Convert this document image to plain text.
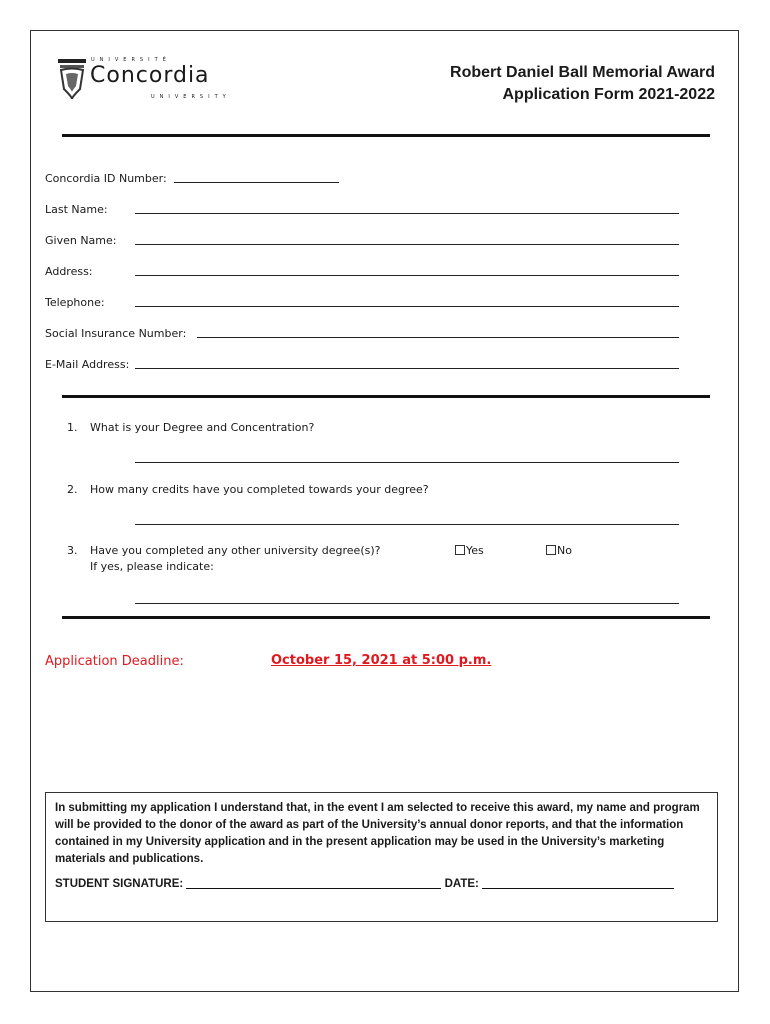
UNIVERSITÉ
Concordia
UNIVERSITY
Robert Daniel Ball Memorial Award
Application Form 2021-2022
Concordia ID Number:
Last Name:
Given Name:
Address:
Telephone:
Social Insurance Number:
E-Mail Address:
1. What is your Degree and Concentration?
2. How many credits have you completed towards your degree?
3. Have you completed any other university degree(s)?
If yes, please indicate:
Yes	No
Application Deadline:	October 15, 2021 at 5:00 p.m.

In submitting my application I understand that, in the event I am selected to receive this award, my name and program will be provided to the donor of the award as part of the University’s annual donor reports, and that the information contained in my University application and in the present application may be used in the University’s marketing materials and publications.

STUDENT SIGNATURE:	DATE:
